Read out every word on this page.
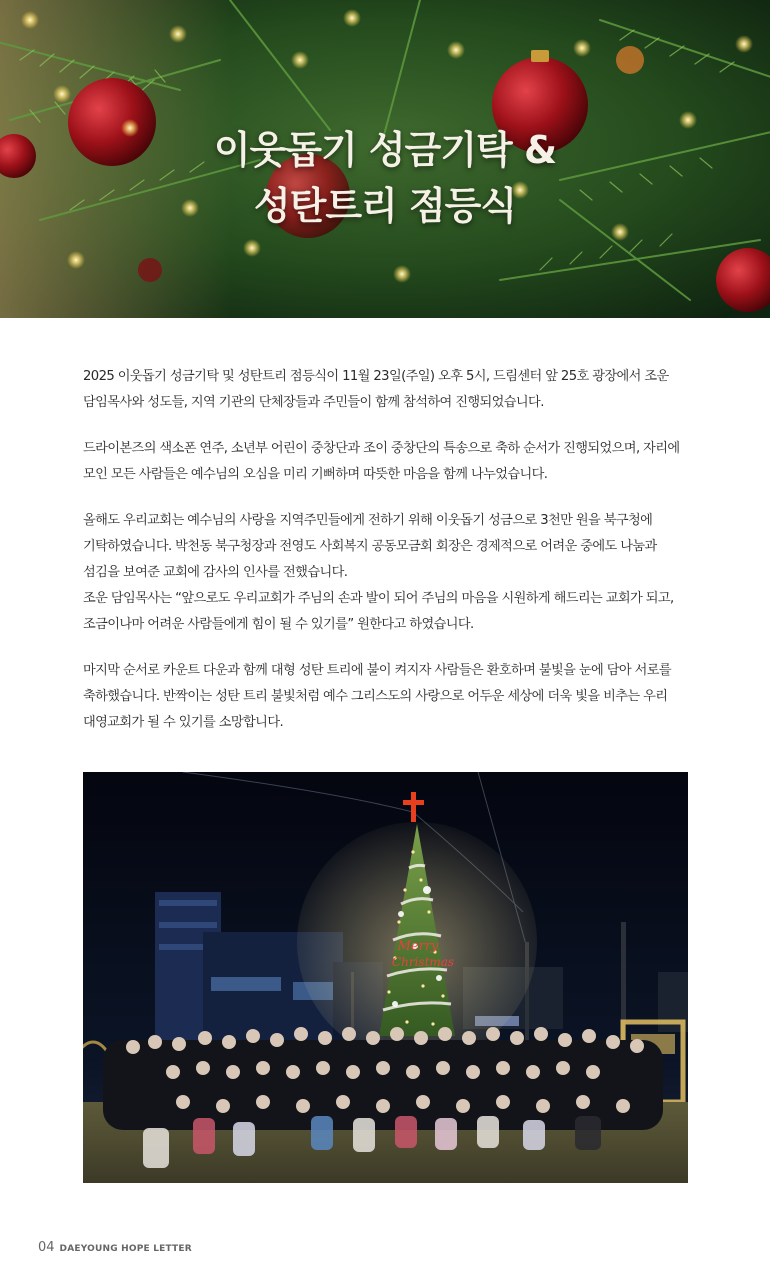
이웃돕기 성금기탁 &
성탄트리 점등식

2025 이웃돕기 성금기탁 및 성탄트리 점등식이 11월 23일(주일) 오후 5시, 드림센터 앞 25호 광장에서 조운 담임목사와 성도들, 지역 기관의 단체장들과 주민들이 함께 참석하여 진행되었습니다.

드라이본즈의 색소폰 연주, 소년부 어린이 중창단과 조이 중창단의 특송으로 축하 순서가 진행되었으며, 자리에 모인 모든 사람들은 예수님의 오심을 미리 기뻐하며 따뜻한 마음을 함께 나누었습니다.

올해도 우리교회는 예수님의 사랑을 지역주민들에게 전하기 위해 이웃돕기 성금으로 3천만 원을 북구청에 기탁하였습니다. 박천동 북구청장과 전영도 사회복지 공동모금회 회장은 경제적으로 어려운 중에도 나눔과 섬김을 보여준 교회에 감사의 인사를 전했습니다.

조운 담임목사는 “앞으로도 우리교회가 주님의 손과 발이 되어 주님의 마음을 시원하게 해드리는 교회가 되고, 조금이나마 어려운 사람들에게 힘이 될 수 있기를” 원한다고 하였습니다.

마지막 순서로 카운트 다운과 함께 대형 성탄 트리에 불이 켜지자 사람들은 환호하며 불빛을 눈에 담아 서로를 축하했습니다. 반짝이는 성탄 트리 불빛처럼 예수 그리스도의 사랑으로 어두운 세상에 더욱 빛을 비추는 우리 대영교회가 될 수 있기를 소망합니다.

Merry
Christmas
04 DAEYOUNG HOPE LETTER
